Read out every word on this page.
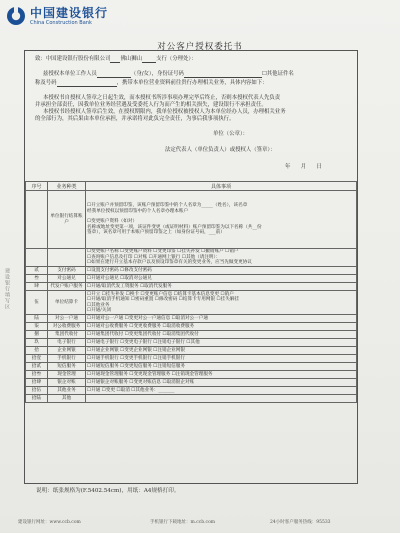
中国建设银行
China Construction Bank
对公客户授权委托书
致：中国建设银行股份有限公司 佛山狮山	支行（分理处）：
兹授权本单位工作人员	（身/女），身份证号码	☐其他证件名
称及号码	，携带本单位营业资料前往贵行办理相关业务，具体内容如下：
本授权书自授权人签章之日起生效，而本授权书所涉事项办理完毕后终止，否则本授权代表人先负责
并承担全部责任，因我单位业务经营遇及受委托人行为而产生的相关损失，建设银行不承担责任。
本授权书经授权人签章后生效，在授权期限内，我单位授权被授权人为本单位经办人员，办理相关业务
的全部行为，其后果由本单位承担，并承诺将对此负完全责任，为事后我事项执行。
单位（公章）：
法定代表人（单位负责人）或授权人（签章）：
年 月 日
序号	业务种类	具体事项
	单位银行结算账户	☐开立账户并预留印鉴，该账户预留印鉴中的个人名章为_____（姓名），该名章
经我单位授权以预留印鉴中的个人名章办理本账户
☐变更账户资料（如对）
名称或地址变更第一项，该证件变更（或证明材料）账户预留印鉴为以下名称（共__份
签章），该名章可用于本账户预留印鉴之上（如身份证号码，___前）

		☐变更账户名称 ☐变更账户资料 ☐变更印鉴 ☐挂失补发 ☐撤销账户 ☐销户
☐查询账户信息及打印 ☐对账 ☐开通网上银行 ☐其他（请注明）：
☐如果在建行开立基本存款户以及预设印鉴章有关的变更业务，应当先做变更协议

贰	支付密码	☐设置支付密码 ☐修改支付密码

叁	对公通兑	☐开通对公通兑 ☐取消对公通兑

肆	代发户账户服务	☐开通/取消代发工资服务 ☐取消代发服务

伍	单位结算卡	☐开立 ☐挂失补发 ☐换卡 ☐变更账户信息 ☐结算卡基本信息变更 ☐销户
☐开通/取消手机通知 ☐密码重置 ☐修改密码 ☐结算卡专用网银 ☐挂失解挂
☐其他业务
☐开通/关闭

陆	对公一户通	☐开通对公一户通 ☐变更对公一户通信息 ☐取消对公一户通

柒	对公收费服务	☐开通对公收费服务 ☐变更收费服务 ☐取消收费服务

捌	集团代收付	☐开通集团代收付 ☐变更集团代收付 ☐取消集团代收付

玖	电子银行	☐开通电子银行 ☐变更电子银行 ☐注销电子银行 ☐其他

拾	企业网银	☐开通企业网银 ☐变更企业网银 ☐注销企业网银

拾壹	手机银行	☐开通手机银行 ☐变更手机银行 ☐注销手机银行

拾贰	短信服务	☐开通短信服务 ☐变更短信服务 ☐注销短信服务

拾叁	现金管理	☐开通现金管理服务 ☐变更现金管理服务 ☐注销现金管理服务

拾肆	银企对账	☐开通银企对账服务 ☐变更对账信息 ☐取消银企对账

拾伍	其他业务	☐开通 ☐变更 ☐取消 ☐其他业务：_______

拾陆	其他	
建设银行填写区
说明：纸张规格为(F.5402.54cm)，用纸：A4规格打印。
建设银行网址：www.ccb.com	手机银行下载地址：m.ccb.com	24小时客户服务热线：95533
